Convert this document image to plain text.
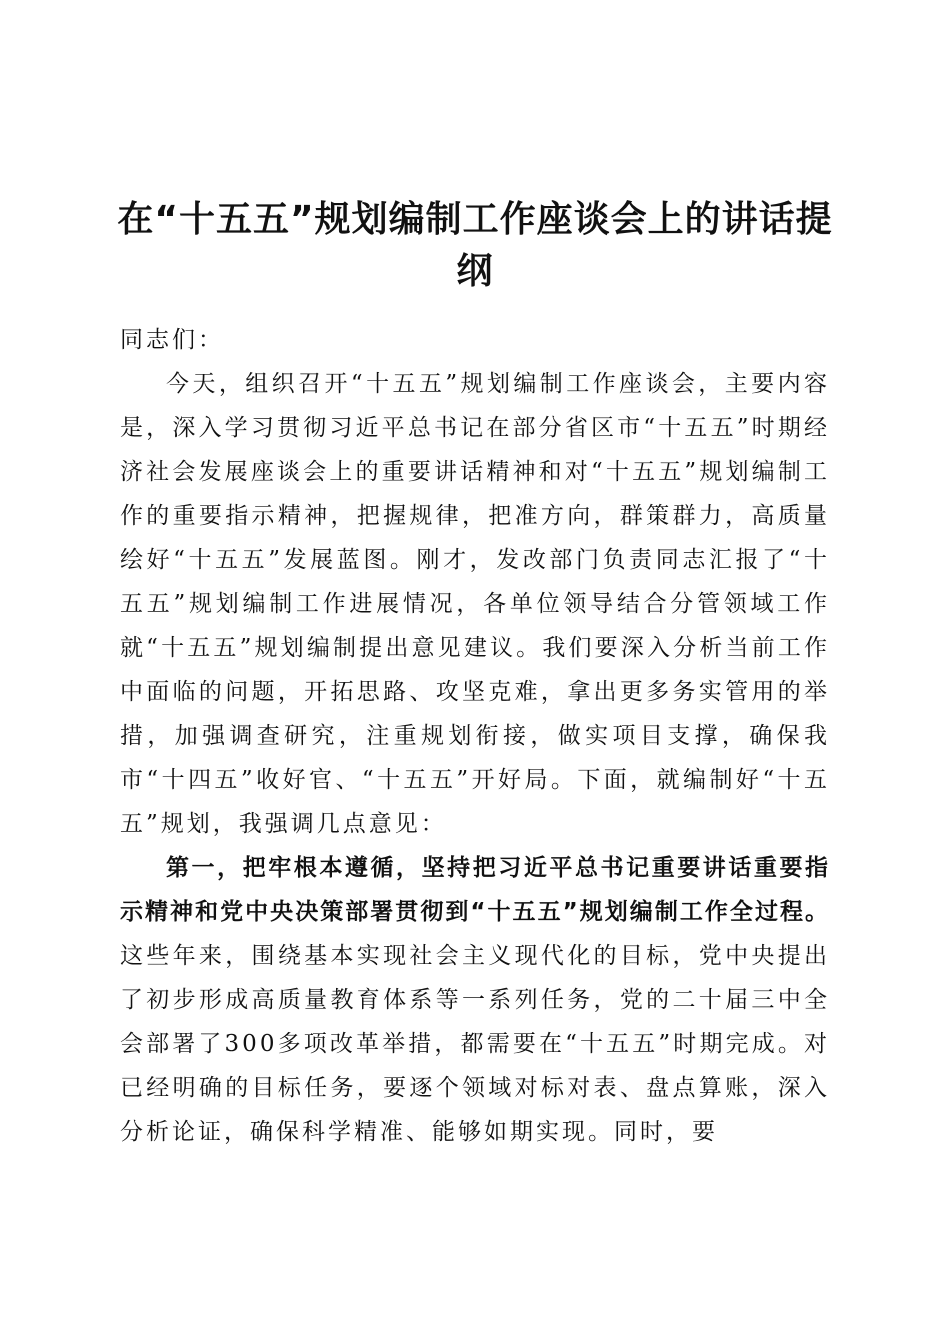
在“十五五”规划编制工作座谈会上的讲话提纲

同志们：

今天，组织召开“十五五”规划编制工作座谈会，主要内容是，深入学习贯彻习近平总书记在部分省区市“十五五”时期经济社会发展座谈会上的重要讲话精神和对“十五五”规划编制工作的重要指示精神，把握规律，把准方向，群策群力，高质量绘好“十五五”发展蓝图。刚才，发改部门负责同志汇报了“十五五”规划编制工作进展情况，各单位领导结合分管领域工作就“十五五”规划编制提出意见建议。我们要深入分析当前工作中面临的问题，开拓思路、攻坚克难，拿出更多务实管用的举措，加强调查研究，注重规划衔接，做实项目支撑，确保我市“十四五”收好官、“十五五”开好局。下面，就编制好“十五五”规划，我强调几点意见：

第一，把牢根本遵循，坚持把习近平总书记重要讲话重要指示精神和党中央决策部署贯彻到“十五五”规划编制工作全过程。这些年来，围绕基本实现社会主义现代化的目标，党中央提出了初步形成高质量教育体系等一系列任务，党的二十届三中全会部署了300多项改革举措，都需要在“十五五”时期完成。对已经明确的目标任务，要逐个领域对标对表、盘点算账，深入分析论证，确保科学精准、能够如期实现。同时，要
